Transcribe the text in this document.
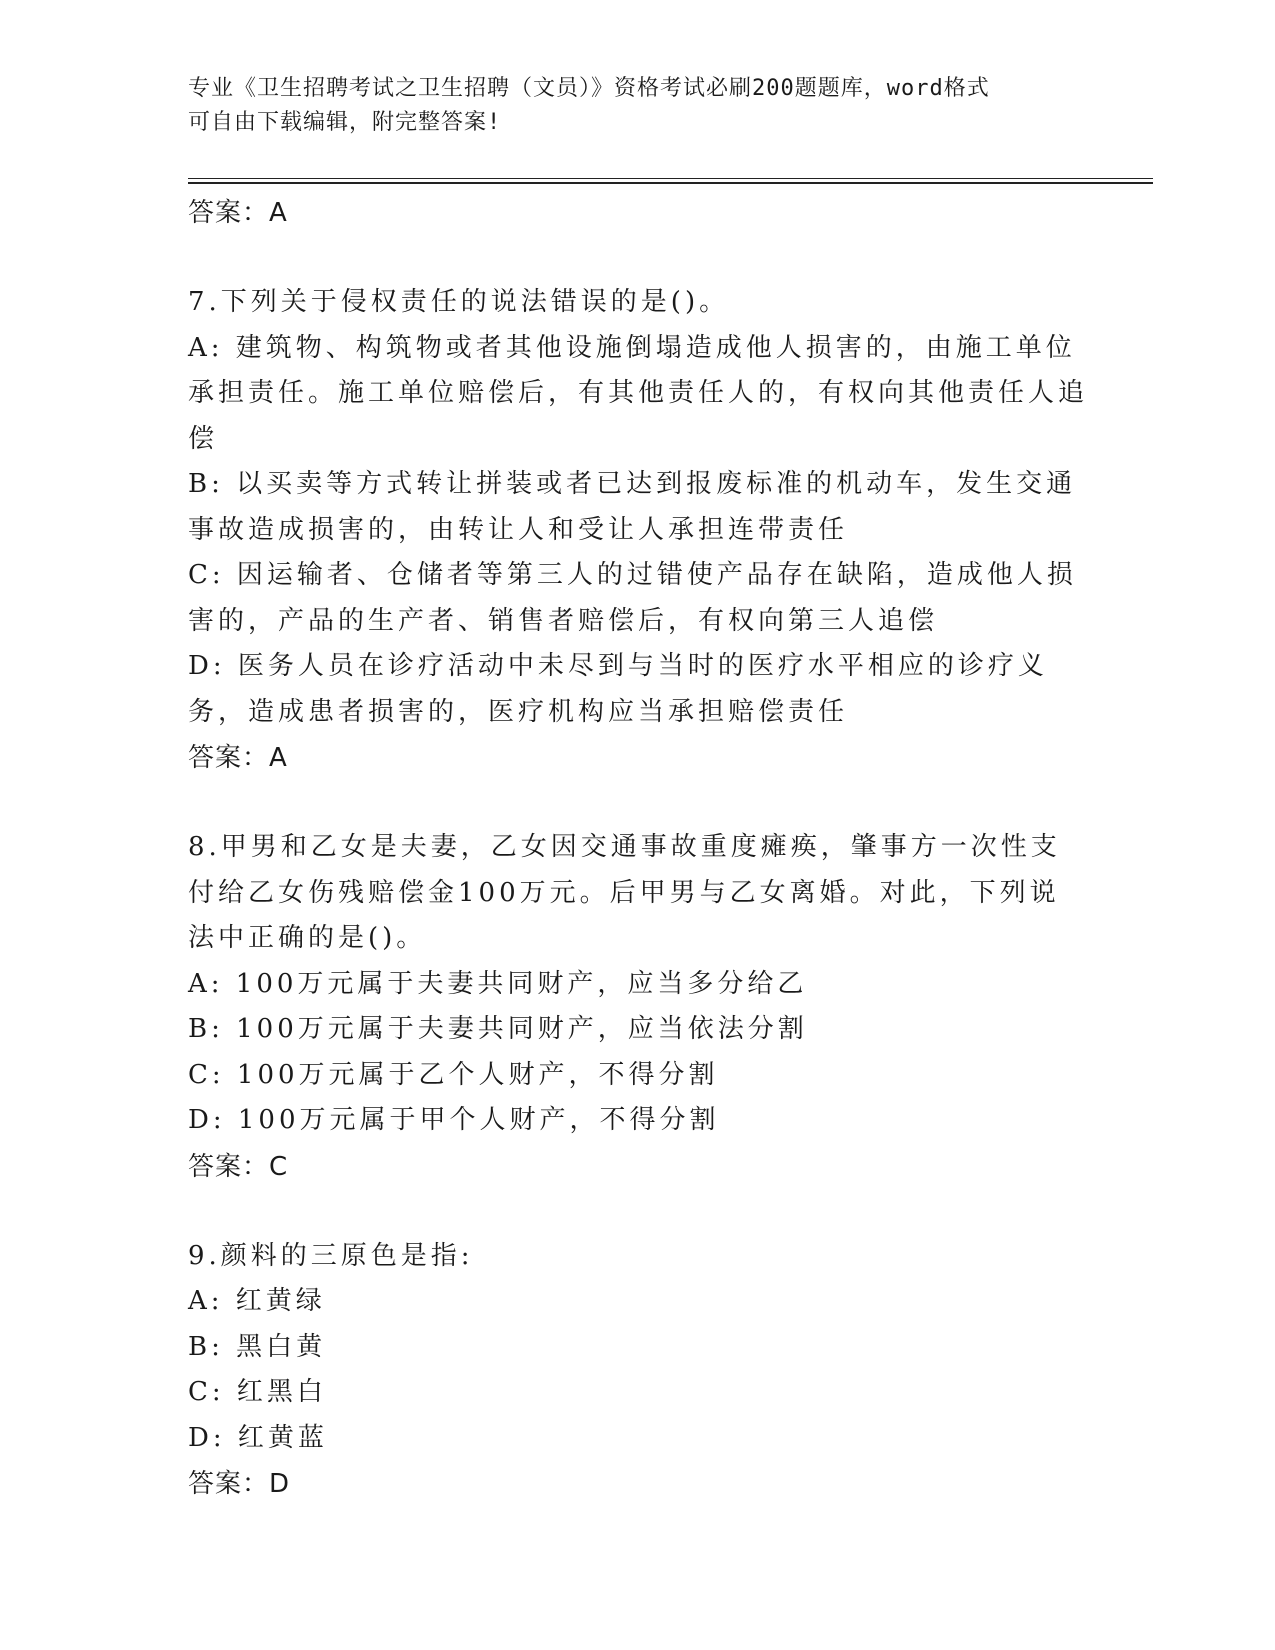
专业《卫生招聘考试之卫生招聘（文员）》资格考试必刷200题题库，word格式
可自由下载编辑，附完整答案!
答案：A
7.下列关于侵权责任的说法错误的是()。
A: 建筑物、构筑物或者其他设施倒塌造成他人损害的，由施工单位承担责任。施工单位赔偿后，有其他责任人的，有权向其他责任人追偿
B: 以买卖等方式转让拼装或者已达到报废标准的机动车，发生交通事故造成损害的，由转让人和受让人承担连带责任
C: 因运输者、仓储者等第三人的过错使产品存在缺陷，造成他人损害的，产品的生产者、销售者赔偿后，有权向第三人追偿
D: 医务人员在诊疗活动中未尽到与当时的医疗水平相应的诊疗义务，造成患者损害的，医疗机构应当承担赔偿责任
答案：A
8.甲男和乙女是夫妻，乙女因交通事故重度瘫痪，肇事方一次性支付给乙女伤残赔偿金100万元。后甲男与乙女离婚。对此，下列说法中正确的是()。
A: 100万元属于夫妻共同财产，应当多分给乙
B: 100万元属于夫妻共同财产，应当依法分割
C: 100万元属于乙个人财产，不得分割
D: 100万元属于甲个人财产，不得分割
答案：C
9.颜料的三原色是指:
A: 红黄绿
B: 黑白黄
C: 红黑白
D: 红黄蓝
答案：D
